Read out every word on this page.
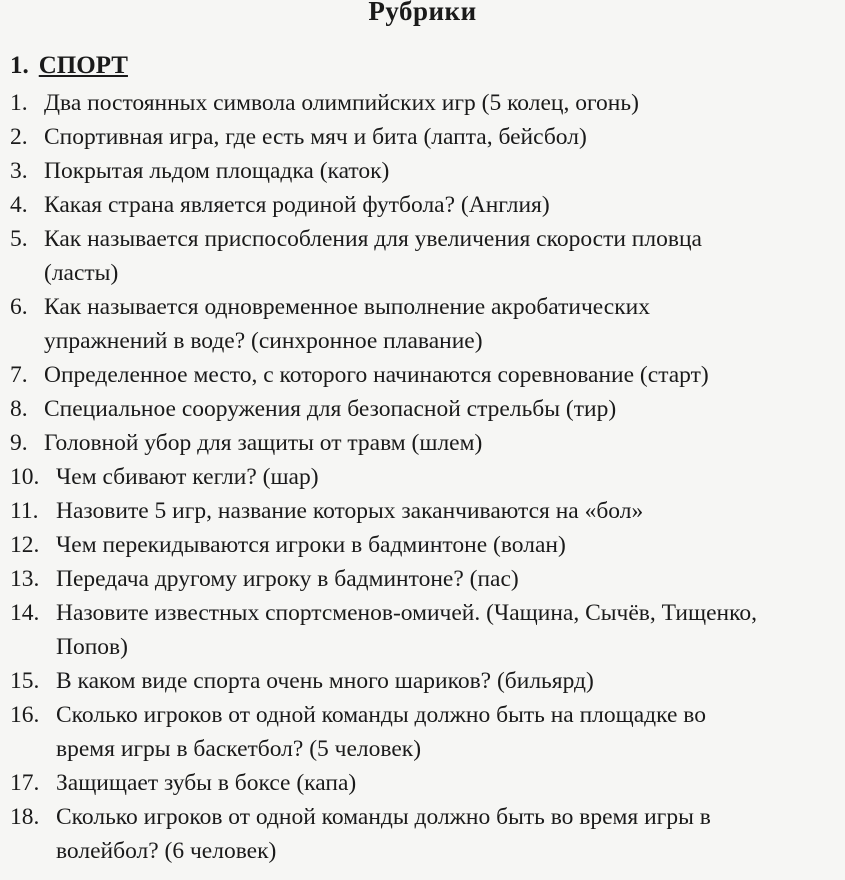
Рубрики
1. СПОРТ
1. Два постоянных символа олимпийских игр (5 колец, огонь)
2. Спортивная игра, где есть мяч и бита (лапта, бейсбол)
3. Покрытая льдом площадка (каток)
4. Какая страна является родиной футбола? (Англия)
5. Как называется приспособления для увеличения скорости пловца
(ласты)
6. Как называется одновременное выполнение акробатических
упражнений в воде? (синхронное плавание)
7. Определенное место, с которого начинаются соревнование (старт)
8. Специальное сооружения для безопасной стрельбы (тир)
9. Головной убор для защиты от травм (шлем)
10. Чем сбивают кегли? (шар)
11. Назовите 5 игр, название которых заканчиваются на «бол»
12. Чем перекидываются игроки в бадминтоне (волан)
13. Передача другому игроку в бадминтоне? (пас)
14. Назовите известных спортсменов-омичей. (Чащина, Сычёв, Тищенко,
Попов)
15. В каком виде спорта очень много шариков? (бильярд)
16. Сколько игроков от одной команды должно быть на площадке во
время игры в баскетбол? (5 человек)
17. Защищает зубы в боксе (капа)
18. Сколько игроков от одной команды должно быть во время игры в
волейбол? (6 человек)
